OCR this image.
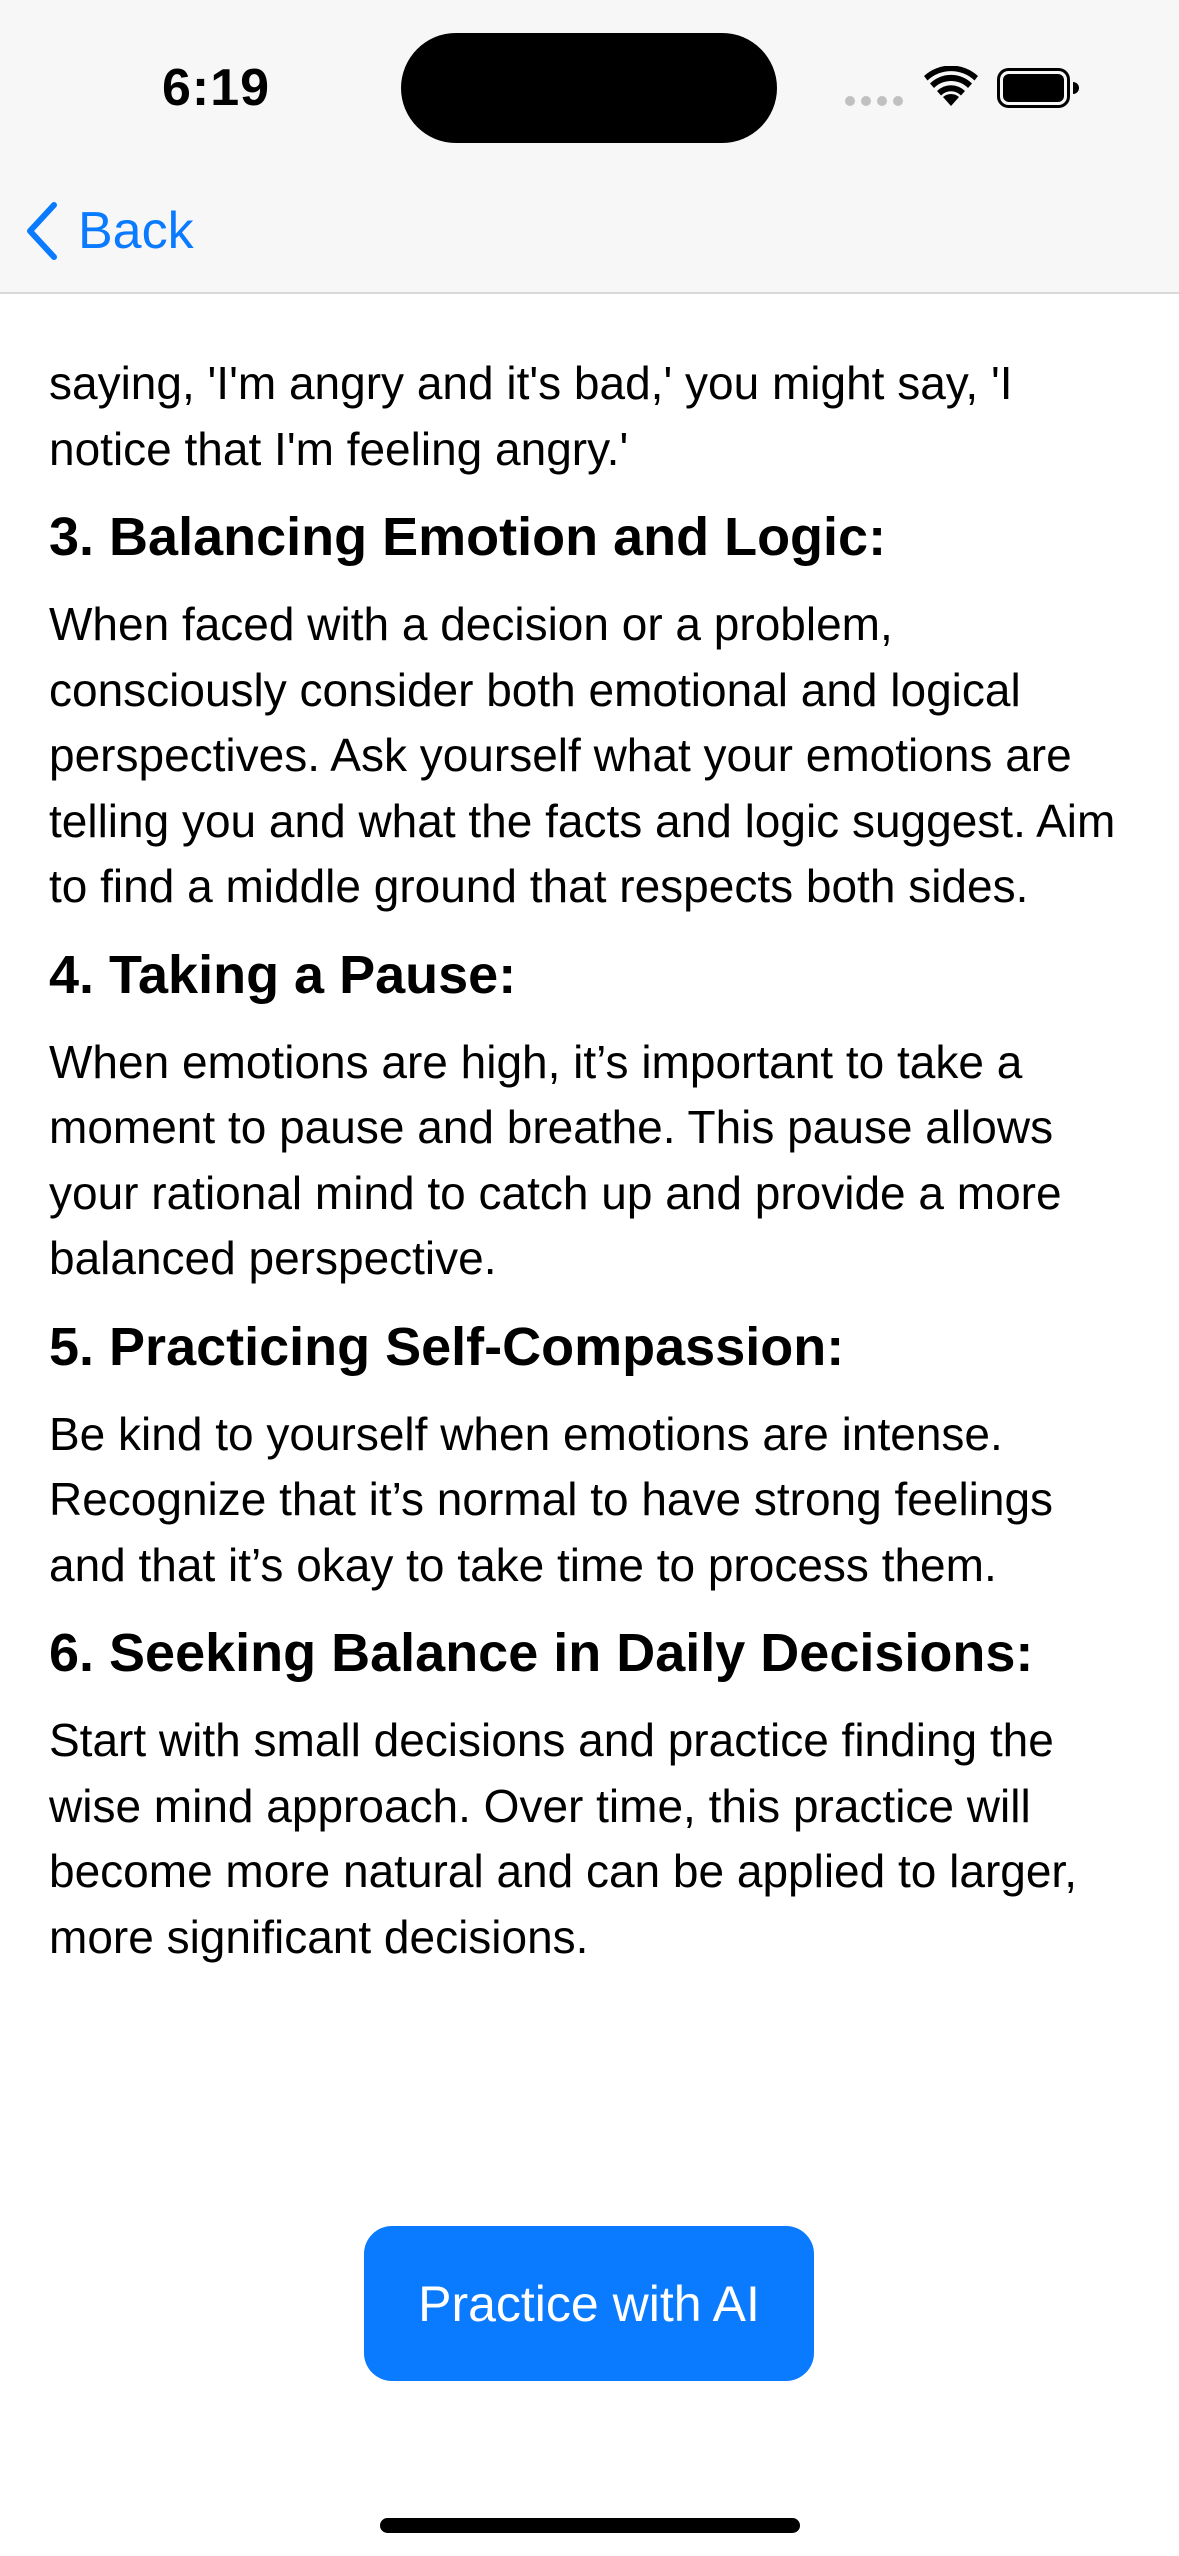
6:19
Back

saying, 'I'm angry and it's bad,' you might say, 'I notice that I'm feeling angry.'

3. Balancing Emotion and Logic:

When faced with a decision or a problem, consciously consider both emotional and logical perspectives. Ask yourself what your emotions are telling you and what the facts and logic suggest. Aim to find a middle ground that respects both sides.

4. Taking a Pause:

When emotions are high, it’s important to take a moment to pause and breathe. This pause allows your rational mind to catch up and provide a more balanced perspective.

5. Practicing Self-Compassion:

Be kind to yourself when emotions are intense. Recognize that it’s normal to have strong feelings and that it’s okay to take time to process them.

6. Seeking Balance in Daily Decisions:

Start with small decisions and practice finding the wise mind approach. Over time, this practice will become more natural and can be applied to larger, more significant decisions.

Practice with AI
